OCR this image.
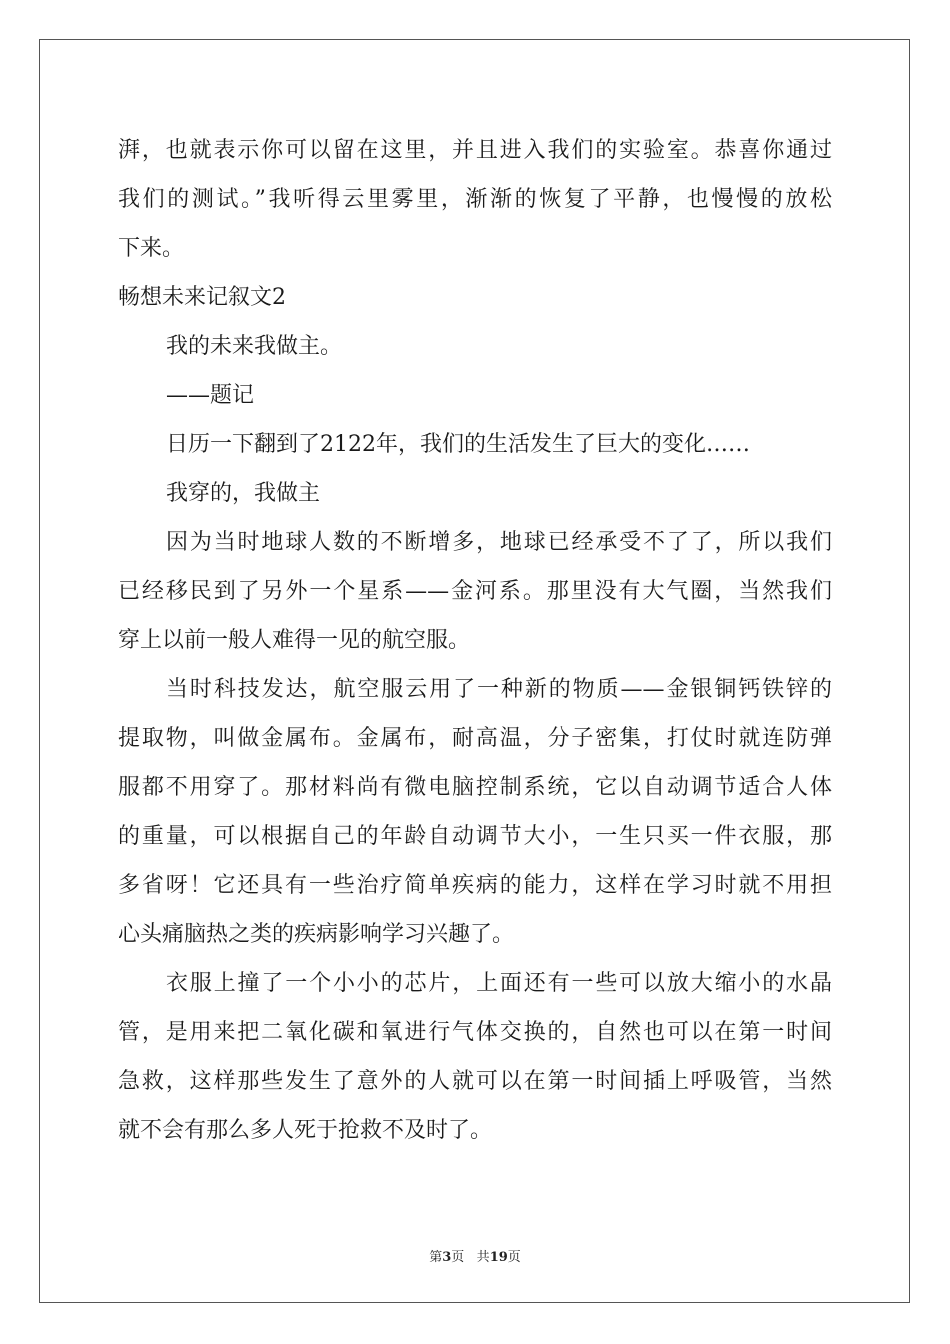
湃，也就表示你可以留在这里，并且进入我们的实验室。恭喜你通过
我们的测试。”我听得云里雾里，渐渐的恢复了平静，也慢慢的放松
下来。
畅想未来记叙文2
我的未来我做主。
——题记
日历一下翻到了2122年，我们的生活发生了巨大的变化……
我穿的，我做主
因为当时地球人数的不断增多，地球已经承受不了了，所以我们
已经移民到了另外一个星系——金河系。那里没有大气圈，当然我们
穿上以前一般人难得一见的航空服。
当时科技发达，航空服云用了一种新的物质——金银铜钙铁锌的
提取物，叫做金属布。金属布，耐高温，分子密集，打仗时就连防弹
服都不用穿了。那材料尚有微电脑控制系统，它以自动调节适合人体
的重量，可以根据自己的年龄自动调节大小，一生只买一件衣服，那
多省呀！它还具有一些治疗简单疾病的能力，这样在学习时就不用担
心头痛脑热之类的疾病影响学习兴趣了。
衣服上撞了一个小小的芯片，上面还有一些可以放大缩小的水晶
管，是用来把二氧化碳和氧进行气体交换的，自然也可以在第一时间
急救，这样那些发生了意外的人就可以在第一时间插上呼吸管，当然
就不会有那么多人死于抢救不及时了。
第3页 共19页
